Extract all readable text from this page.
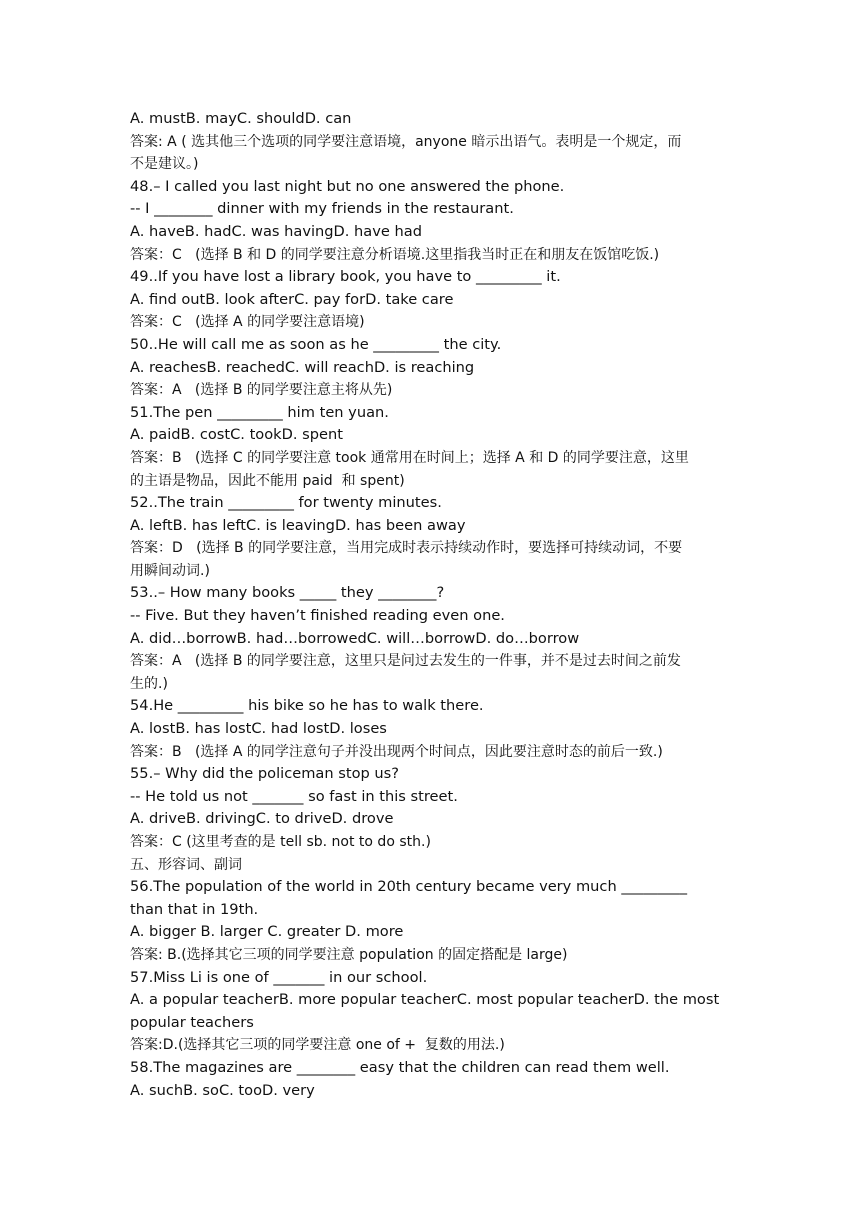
A. mustB. mayC. shouldD. can

答案: A ( 选其他三个选项的同学要注意语境，anyone 暗示出语气。表明是一个规定，而

不是建议。)

48.– I called you last night but no one answered the phone.

-- I ________ dinner with my friends in the restaurant.

A. haveB. hadC. was havingD. have had

答案：C   (选择 B 和 D 的同学要注意分析语境.这里指我当时正在和朋友在饭馆吃饭.)

49..If you have lost a library book, you have to _________ it.

A. find outB. look afterC. pay forD. take care

答案：C   (选择 A 的同学要注意语境)

50..He will call me as soon as he _________ the city.

A. reachesB. reachedC. will reachD. is reaching

答案：A   (选择 B 的同学要注意主将从先)

51.The pen _________ him ten yuan.

A. paidB. costC. tookD. spent

答案：B   (选择 C 的同学要注意 took 通常用在时间上；选择 A 和 D 的同学要注意，这里

的主语是物品，因此不能用 paid  和 spent)

52..The train _________ for twenty minutes.

A. leftB. has leftC. is leavingD. has been away

答案：D   (选择 B 的同学要注意，当用完成时表示持续动作时，要选择可持续动词，不要

用瞬间动词.)

53..– How many books _____ they ________?

-- Five. But they haven’t finished reading even one.

A. did…borrowB. had…borrowedC. will…borrowD. do…borrow

答案：A   (选择 B 的同学要注意，这里只是问过去发生的一件事，并不是过去时间之前发

生的.)

54.He _________ his bike so he has to walk there.

A. lostB. has lostC. had lostD. loses

答案：B   (选择 A 的同学注意句子并没出现两个时间点，因此要注意时态的前后一致.)

55.– Why did the policeman stop us?

-- He told us not _______ so fast in this street.

A. driveB. drivingC. to driveD. drove

答案：C (这里考查的是 tell sb. not to do sth.)

五、形容词、副词

56.The population of the world in 20th century became very much _________

than that in 19th.

A. bigger B. larger C. greater D. more

答案: B.(选择其它三项的同学要注意 population 的固定搭配是 large)

57.Miss Li is one of _______ in our school.

A. a popular teacherB. more popular teacherC. most popular teacherD. the most

popular teachers

答案:D.(选择其它三项的同学要注意 one of +  复数的用法.)

58.The magazines are ________ easy that the children can read them well.

A. suchB. soC. tooD. very
